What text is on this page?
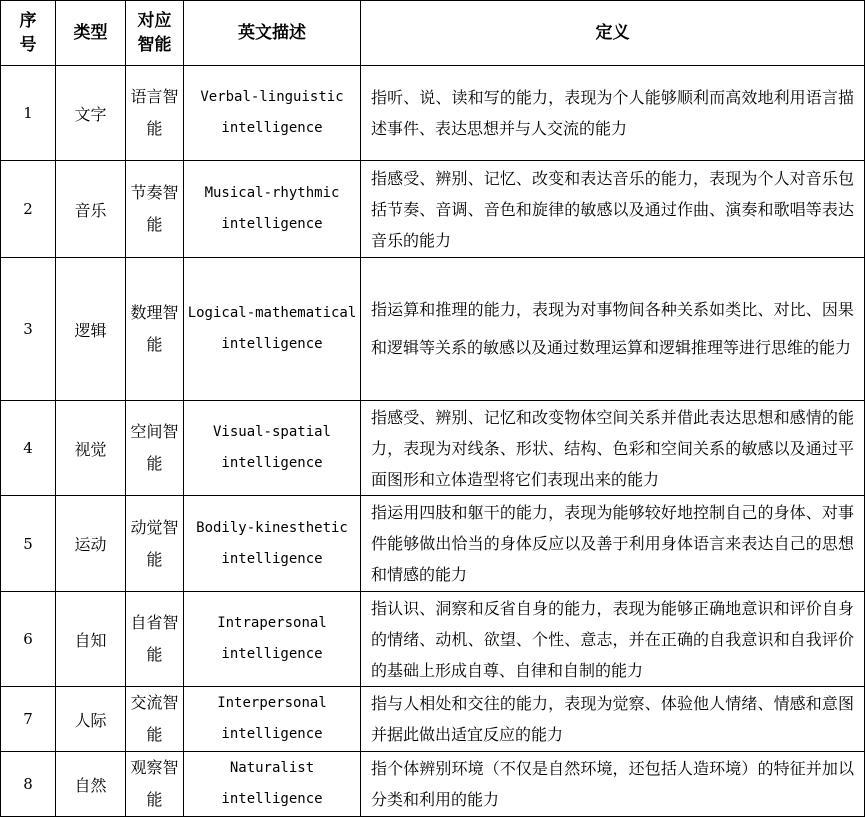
序号	类型	对应智能	英文描述	定义
1	文字	语言智能	Verbal-linguistic intelligence	指听、说、读和写的能力，表现为个人能够顺利而高效地利用语言描述事件、表达思想并与人交流的能力
2	音乐	节奏智能	Musical-rhythmic intelligence	指感受、辨别、记忆、改变和表达音乐的能力，表现为个人对音乐包括节奏、音调、音色和旋律的敏感以及通过作曲、演奏和歌唱等表达音乐的能力
3	逻辑	数理智能	Logical-mathematical intelligence	指运算和推理的能力，表现为对事物间各种关系如类比、对比、因果和逻辑等关系的敏感以及通过数理运算和逻辑推理等进行思维的能力
4	视觉	空间智能	Visual-spatial intelligence	指感受、辨别、记忆和改变物体空间关系并借此表达思想和感情的能力，表现为对线条、形状、结构、色彩和空间关系的敏感以及通过平面图形和立体造型将它们表现出来的能力
5	运动	动觉智能	Bodily-kinesthetic intelligence	指运用四肢和躯干的能力，表现为能够较好地控制自己的身体、对事件能够做出恰当的身体反应以及善于利用身体语言来表达自己的思想和情感的能力
6	自知	自省智能	Intrapersonal intelligence	指认识、洞察和反省自身的能力，表现为能够正确地意识和评价自身的情绪、动机、欲望、个性、意志，并在正确的自我意识和自我评价的基础上形成自尊、自律和自制的能力
7	人际	交流智能	Interpersonal intelligence	指与人相处和交往的能力，表现为觉察、体验他人情绪、情感和意图并据此做出适宜反应的能力
8	自然	观察智能	Naturalist intelligence	指个体辨别环境（不仅是自然环境，还包括人造环境）的特征并加以分类和利用的能力
